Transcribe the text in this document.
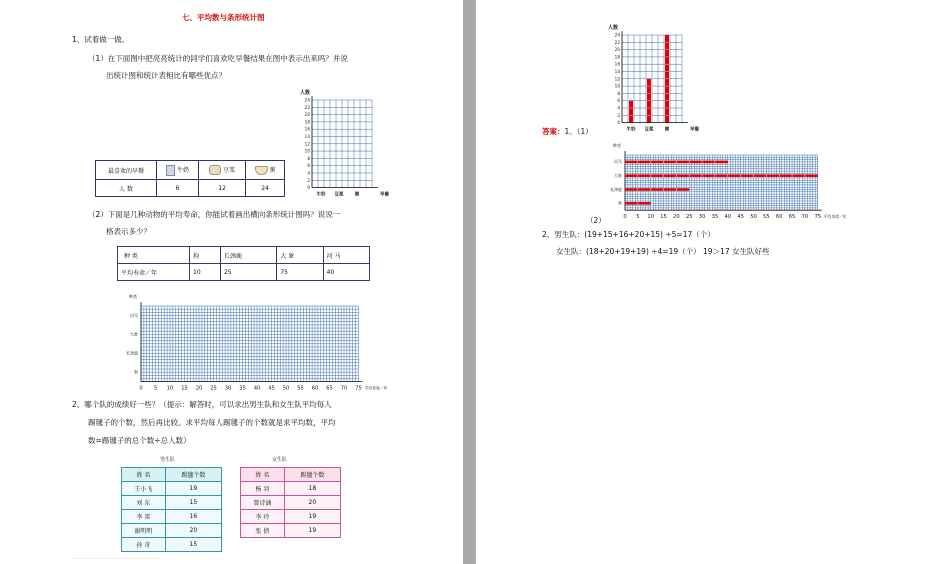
七、平均数与条形统计图
1、试着做一做。
（1）在下面图中把亮亮统计的同学们喜欢吃早餐结果在图中表示出来吗？并说
出统计图和统计表相比有哪些优点？
最喜欢的早餐	牛奶	豆浆	粥
人 数	6	12	24
人数
24
22
20
18
16
14
12
10
8
6
4
2
0
牛奶 豆浆	粥	早餐
（2）下面是几种动物的平均寿命，你能试着画出横向条形统计图吗？说说一
格表示多少？
种 类	狗	长颈鹿	大 象	河 马
平均寿命／年	10	25	75	40
种类
0 5 10 15 20 25 30 35 40 45 50 55 60 65 70 75 平均寿命／年
河马
大象
长颈鹿
狗
2、哪个队的成绩好一些？（提示：解答时，可以求出男生队和女生队平均每人
踢毽子的个数，然后再比较。求平均每人踢毽子的个数就是求平均数，平均
数=踢毽子的总个数÷总人数）
男生队	女生队
姓 名	踢毽个数
王小飞	19
刘 东	15
李 雷	16
谢明明	20
孙 奇	15
姓 名	踢毽个数
杨 羽	18
曾诗涵	20
李 玲	19
张 倩	19
人数
24
22
20
18
16
14
12
10
8
6
4
2
0
牛奶 豆浆	粥	早餐
答案：1、（1）
种类
0 5 10 15 20 25 30 35 40 45 50 55 60 65 70 75 平均寿命／年
河马
大象
长颈鹿
狗
（2）
2、男生队：(19+15+16+20+15) ÷5=17（个）
女生队：(18+20+19+19) ÷4=19（个） 19＞17 女生队好些
